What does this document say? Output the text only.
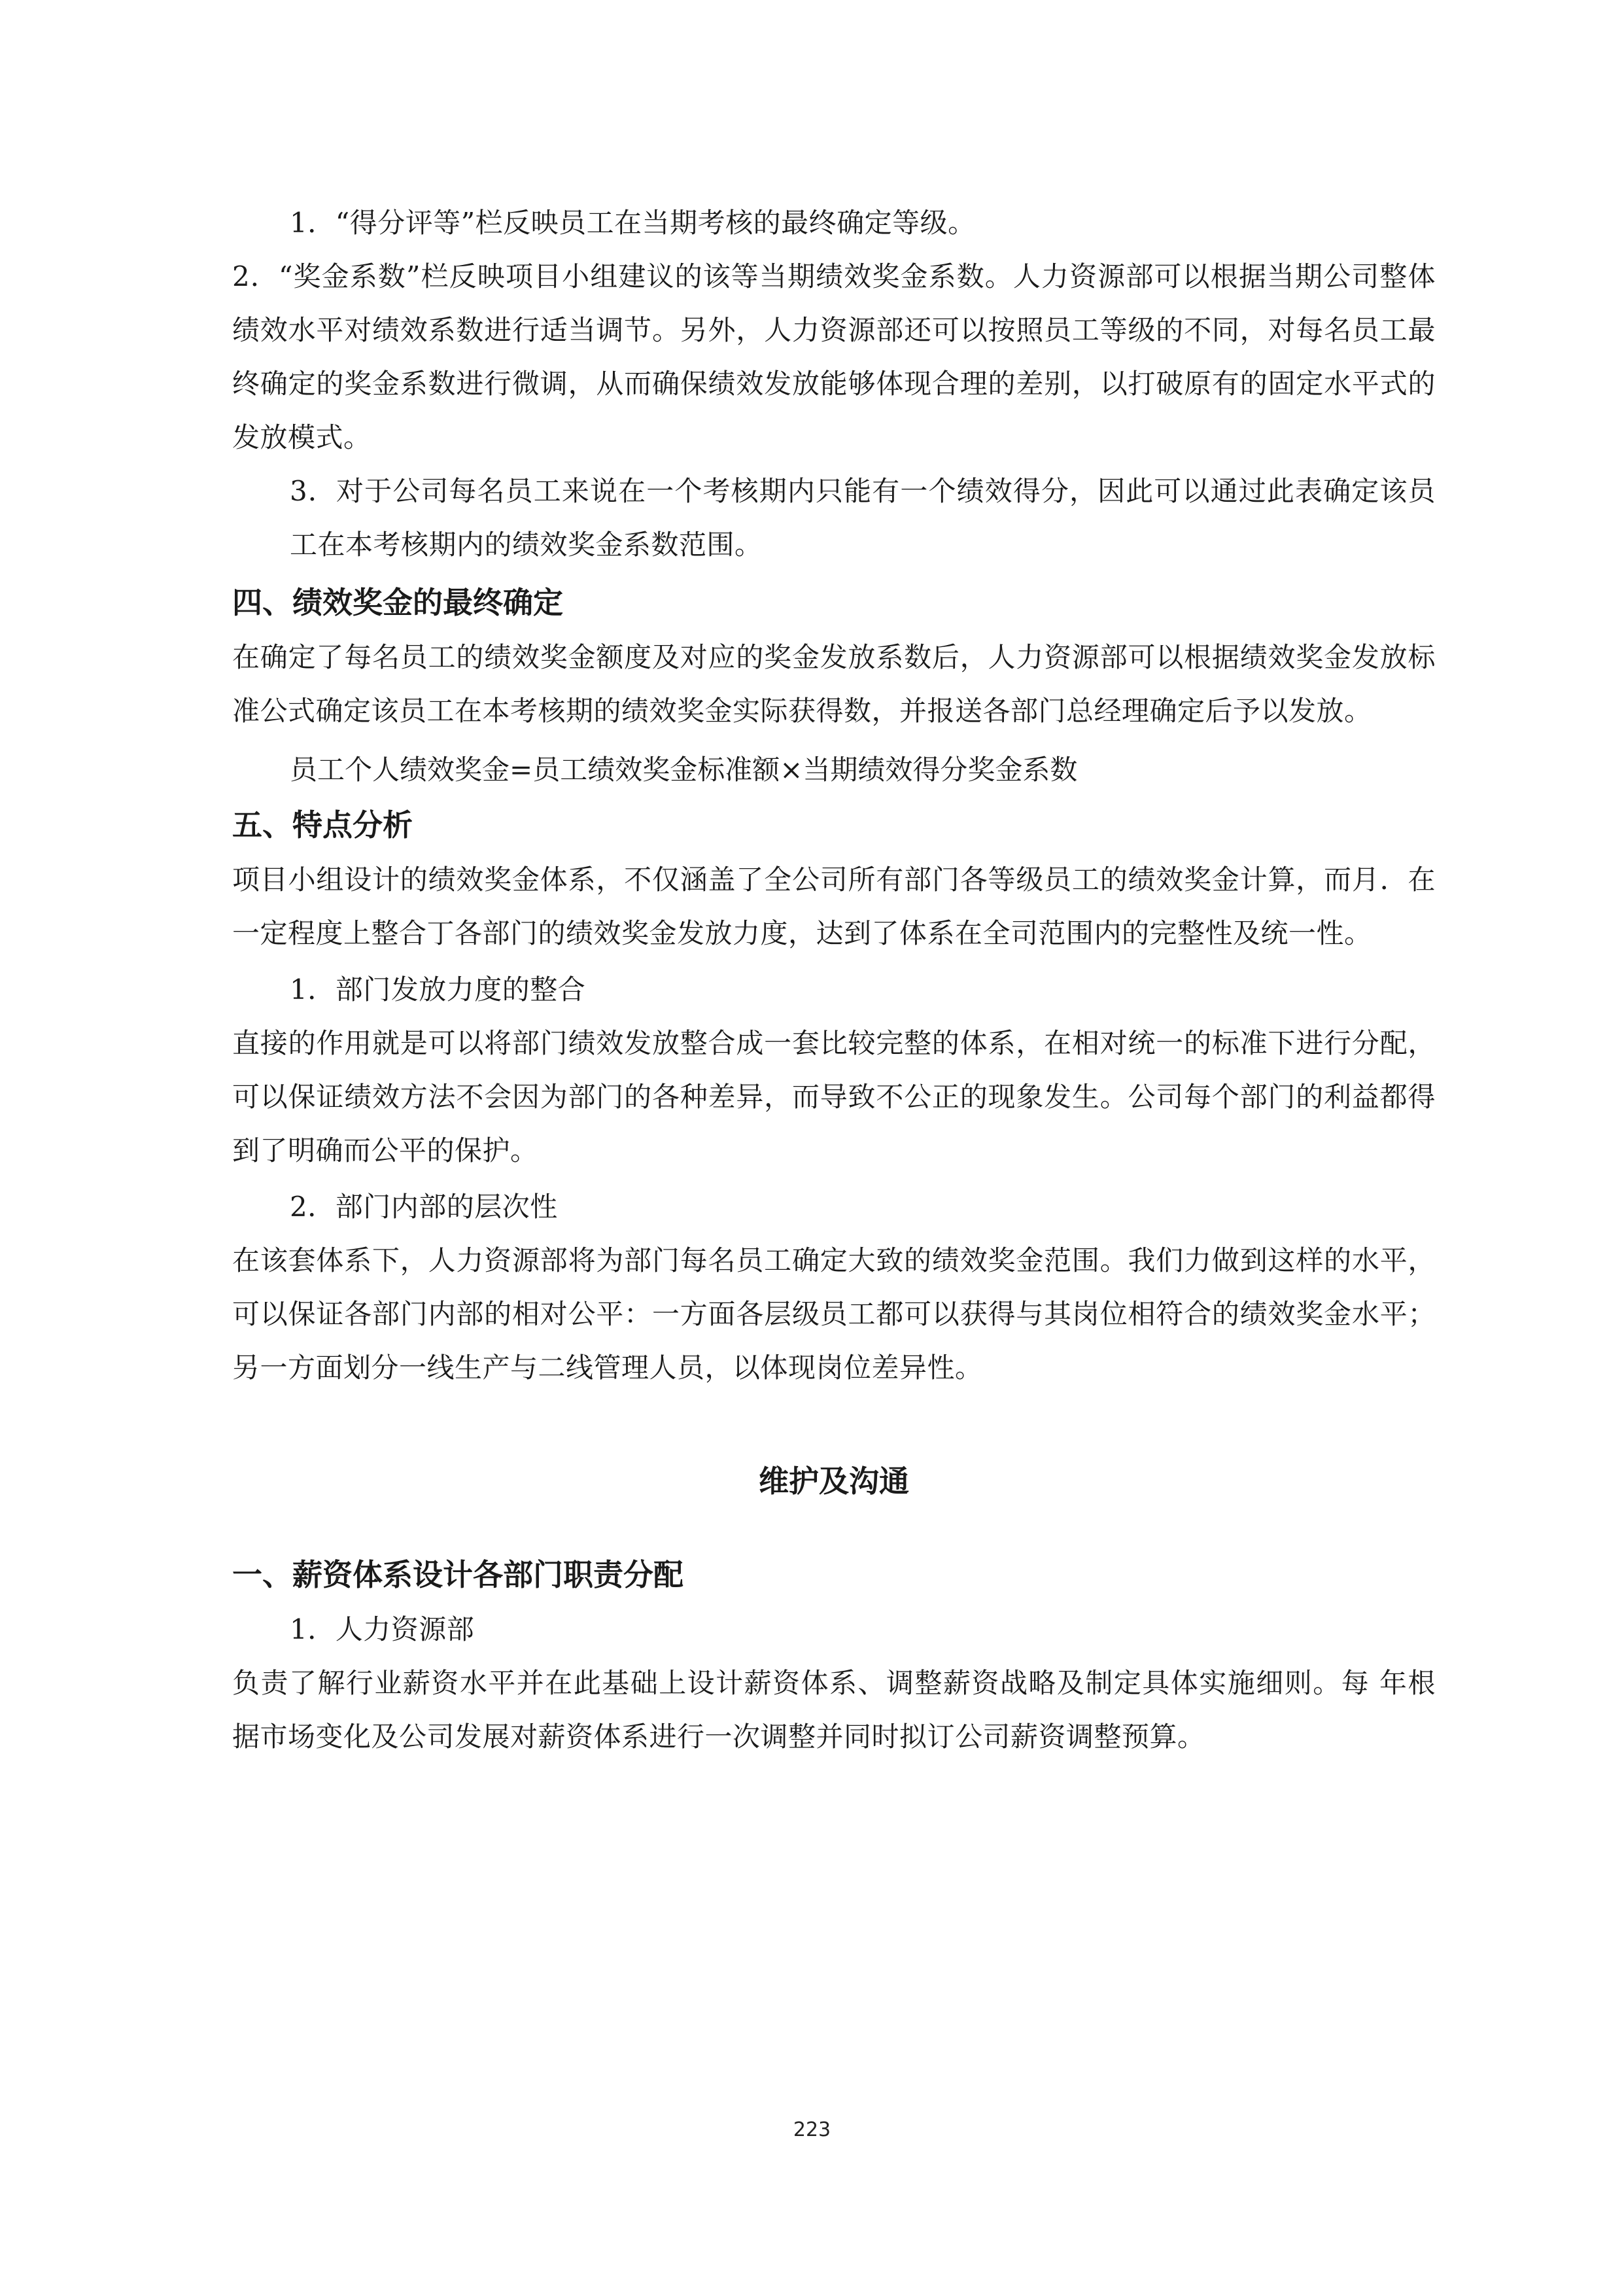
1．“得分评等”栏反映员工在当期考核的最终确定等级。

2．“奖金系数”栏反映项目小组建议的该等当期绩效奖金系数。人力资源部可以根据当期公司整体绩效水平对绩效系数进行适当调节。另外，人力资源部还可以按照员工等级的不同，对每名员工最终确定的奖金系数进行微调，从而确保绩效发放能够体现合理的差别，以打破原有的固定水平式的发放模式。

3．对于公司每名员工来说在一个考核期内只能有一个绩效得分，因此可以通过此表确定该员工在本考核期内的绩效奖金系数范围。

四、绩效奖金的最终确定

在确定了每名员工的绩效奖金额度及对应的奖金发放系数后，人力资源部可以根据绩效奖金发放标准公式确定该员工在本考核期的绩效奖金实际获得数，并报送各部门总经理确定后予以发放。

员工个人绩效奖金=员工绩效奖金标准额×当期绩效得分奖金系数

五、特点分析

项目小组设计的绩效奖金体系，不仅涵盖了全公司所有部门各等级员工的绩效奖金计算，而月．在一定程度上整合丁各部门的绩效奖金发放力度，达到了体系在全司范围内的完整性及统一性。

1．部门发放力度的整合

直接的作用就是可以将部门绩效发放整合成一套比较完整的体系，在相对统一的标准下进行分配，可以保证绩效方法不会因为部门的各种差异，而导致不公正的现象发生。公司每个部门的利益都得到了明确而公平的保护。

2．部门内部的层次性

在该套体系下，人力资源部将为部门每名员工确定大致的绩效奖金范围。我们力做到这样的水平，可以保证各部门内部的相对公平：一方面各层级员工都可以获得与其岗位相符合的绩效奖金水平；另一方面划分一线生产与二线管理人员，以体现岗位差异性。

维护及沟通
一、薪资体系设计各部门职责分配

1．人力资源部

负责了解行业薪资水平并在此基础上设计薪资体系、调整薪资战略及制定具体实施细则。每 年根据市场变化及公司发展对薪资体系进行一次调整并同时拟订公司薪资调整预算。

223
